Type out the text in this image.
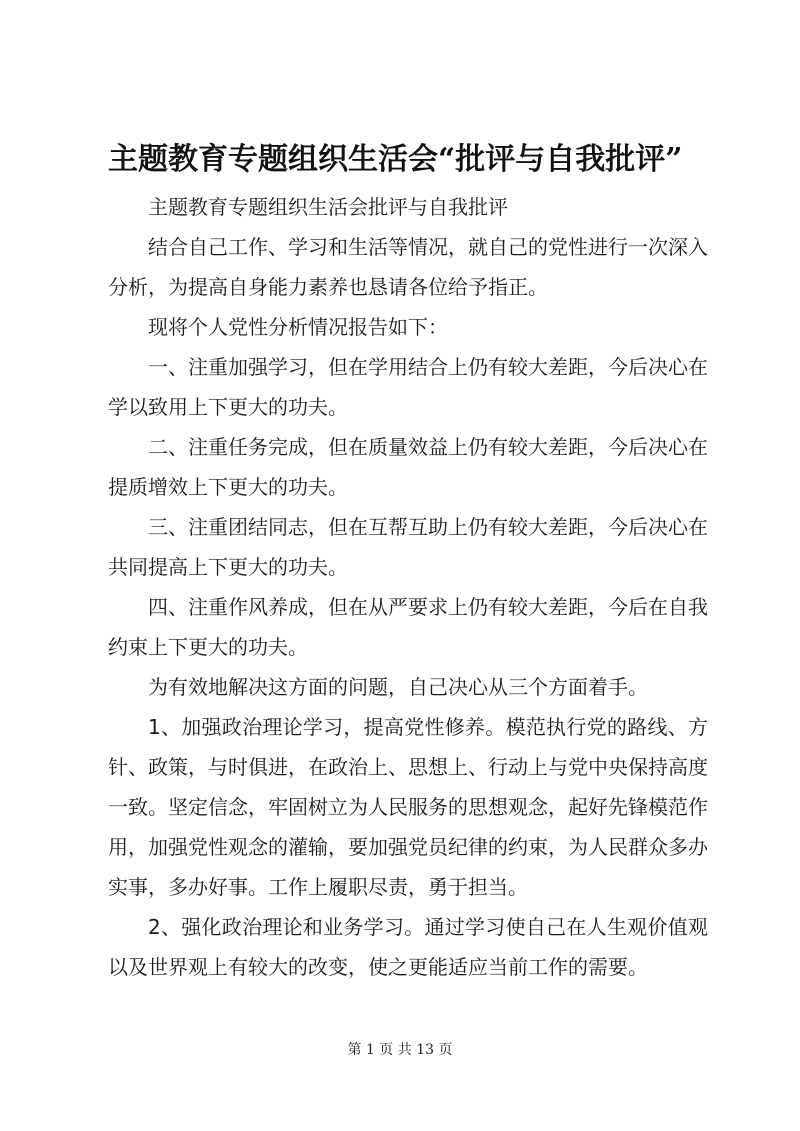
主题教育专题组织生活会“批评与自我批评”

主题教育专题组织生活会批评与自我批评

结合自己工作、学习和生活等情况，就自己的党性进行一次深入分析，为提高自身能力素养也恳请各位给予指正。

现将个人党性分析情况报告如下：

一、注重加强学习，但在学用结合上仍有较大差距，今后决心在学以致用上下更大的功夫。

二、注重任务完成，但在质量效益上仍有较大差距，今后决心在提质增效上下更大的功夫。

三、注重团结同志，但在互帮互助上仍有较大差距，今后决心在共同提高上下更大的功夫。

四、注重作风养成，但在从严要求上仍有较大差距，今后在自我约束上下更大的功夫。

为有效地解决这方面的问题，自己决心从三个方面着手。

1、加强政治理论学习，提高党性修养。模范执行党的路线、方针、政策，与时俱进，在政治上、思想上、行动上与党中央保持高度一致。坚定信念，牢固树立为人民服务的思想观念，起好先锋模范作用，加强党性观念的灌输，要加强党员纪律的约束，为人民群众多办实事，多办好事。工作上履职尽责，勇于担当。

2、强化政治理论和业务学习。通过学习使自己在人生观价值观以及世界观上有较大的改变，使之更能适应当前工作的需要。

第 1 页 共 13 页
